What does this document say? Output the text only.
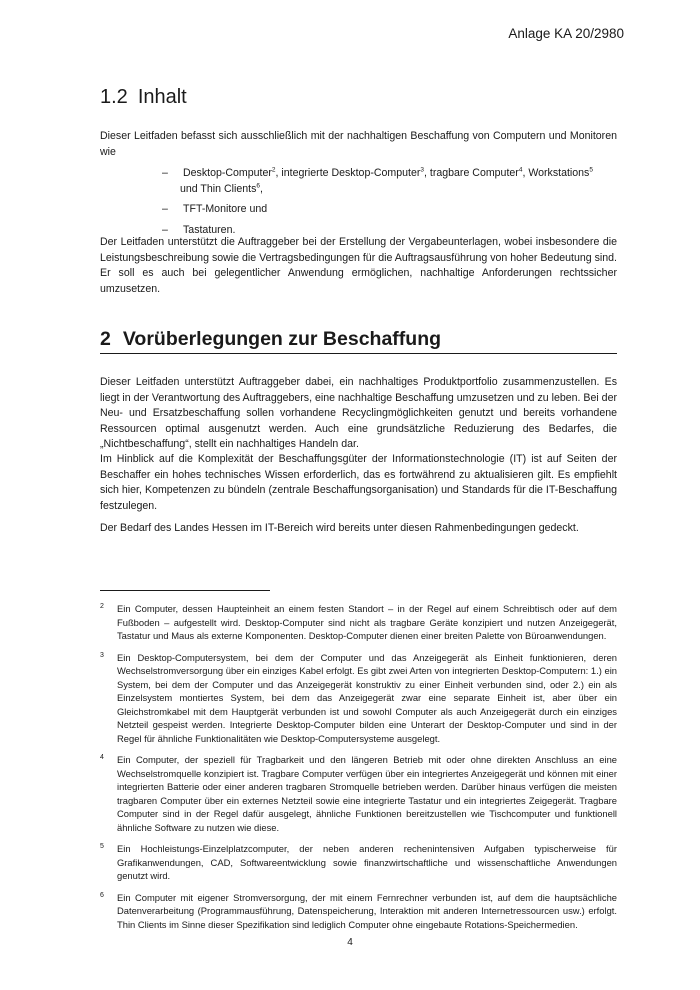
Anlage KA 20/2980
1.2 Inhalt

Dieser Leitfaden befasst sich ausschließlich mit der nachhaltigen Beschaffung von Computern und Monitoren wie

– Desktop-Computer$^2$, integrierte Desktop-Computer$^3$, tragbare Computer$^4$, Workstations$^5$
und Thin Clients$^6$,
– TFT-Monitore und
– Tastaturen.

Der Leitfaden unterstützt die Auftraggeber bei der Erstellung der Vergabeunterlagen, wobei insbesondere die Leistungsbeschreibung sowie die Vertragsbedingungen für die Auftragsausführung von hoher Bedeutung sind. Er soll es auch bei gelegentlicher Anwendung ermöglichen, nachhaltige Anforderungen rechtssicher umzusetzen.

2 Vorüberlegungen zur Beschaffung

Dieser Leitfaden unterstützt Auftraggeber dabei, ein nachhaltiges Produktportfolio zusammenzustellen. Es liegt in der Verantwortung des Auftraggebers, eine nachhaltige Beschaffung umzusetzen und zu leben. Bei der Neu- und Ersatzbeschaffung sollen vorhandene Recyclingmöglichkeiten genutzt und bereits vorhandene Ressourcen optimal ausgenutzt werden. Auch eine grundsätzliche Reduzierung des Bedarfes, die „Nichtbeschaffung“, stellt ein nachhaltiges Handeln dar.

Im Hinblick auf die Komplexität der Beschaffungsgüter der Informationstechnologie (IT) ist auf Seiten der Beschaffer ein hohes technisches Wissen erforderlich, das es fortwährend zu aktualisieren gilt. Es empfiehlt sich hier, Kompetenzen zu bündeln (zentrale Beschaffungsorganisation) und Standards für die IT-Beschaffung festzulegen.

Der Bedarf des Landes Hessen im IT-Bereich wird bereits unter diesen Rahmenbedingungen gedeckt.

2 Ein Computer, dessen Haupteinheit an einem festen Standort – in der Regel auf einem Schreibtisch oder auf dem Fußboden – aufgestellt wird. Desktop-Computer sind nicht als tragbare Geräte konzipiert und nutzen Anzeigegerät, Tastatur und Maus als externe Komponenten. Desktop-Computer dienen einer breiten Palette von Büroanwendungen.
3 Ein Desktop-Computersystem, bei dem der Computer und das Anzeigegerät als Einheit funktionieren, deren Wechselstromversorgung über ein einziges Kabel erfolgt. Es gibt zwei Arten von integrierten Desktop-Computern: 1.) ein System, bei dem der Computer und das Anzeigegerät konstruktiv zu einer Einheit verbunden sind, oder 2.) ein als Einzelsystem montiertes System, bei dem das Anzeigegerät zwar eine separate Einheit ist, aber über ein Gleichstromkabel mit dem Hauptgerät verbunden ist und sowohl Computer als auch Anzeigegerät durch ein einziges Netzteil gespeist werden. Integrierte Desktop-Computer bilden eine Unterart der Desktop-Computer und sind in der Regel für ähnliche Funktionalitäten wie Desktop-Computersysteme ausgelegt.
4 Ein Computer, der speziell für Tragbarkeit und den längeren Betrieb mit oder ohne direkten Anschluss an eine Wechselstromquelle konzipiert ist. Tragbare Computer verfügen über ein integriertes Anzeigegerät und können mit einer integrierten Batterie oder einer anderen tragbaren Stromquelle betrieben werden. Darüber hinaus verfügen die meisten tragbaren Computer über ein externes Netzteil sowie eine integrierte Tastatur und ein integriertes Zeigegerät. Tragbare Computer sind in der Regel dafür ausgelegt, ähnliche Funktionen bereitzustellen wie Tischcomputer und funktionell ähnliche Software zu nutzen wie diese.
5 Ein Hochleistungs-Einzelplatzcomputer, der neben anderen rechenintensiven Aufgaben typischerweise für Grafikanwendungen, CAD, Softwareentwicklung sowie finanzwirtschaftliche und wissenschaftliche Anwendungen genutzt wird.
6 Ein Computer mit eigener Stromversorgung, der mit einem Fernrechner verbunden ist, auf dem die hauptsächliche Datenverarbeitung (Programmausführung, Datenspeicherung, Interaktion mit anderen Internetressourcen usw.) erfolgt. Thin Clients im Sinne dieser Spezifikation sind lediglich Computer ohne eingebaute Rotations-Speichermedien.
4
